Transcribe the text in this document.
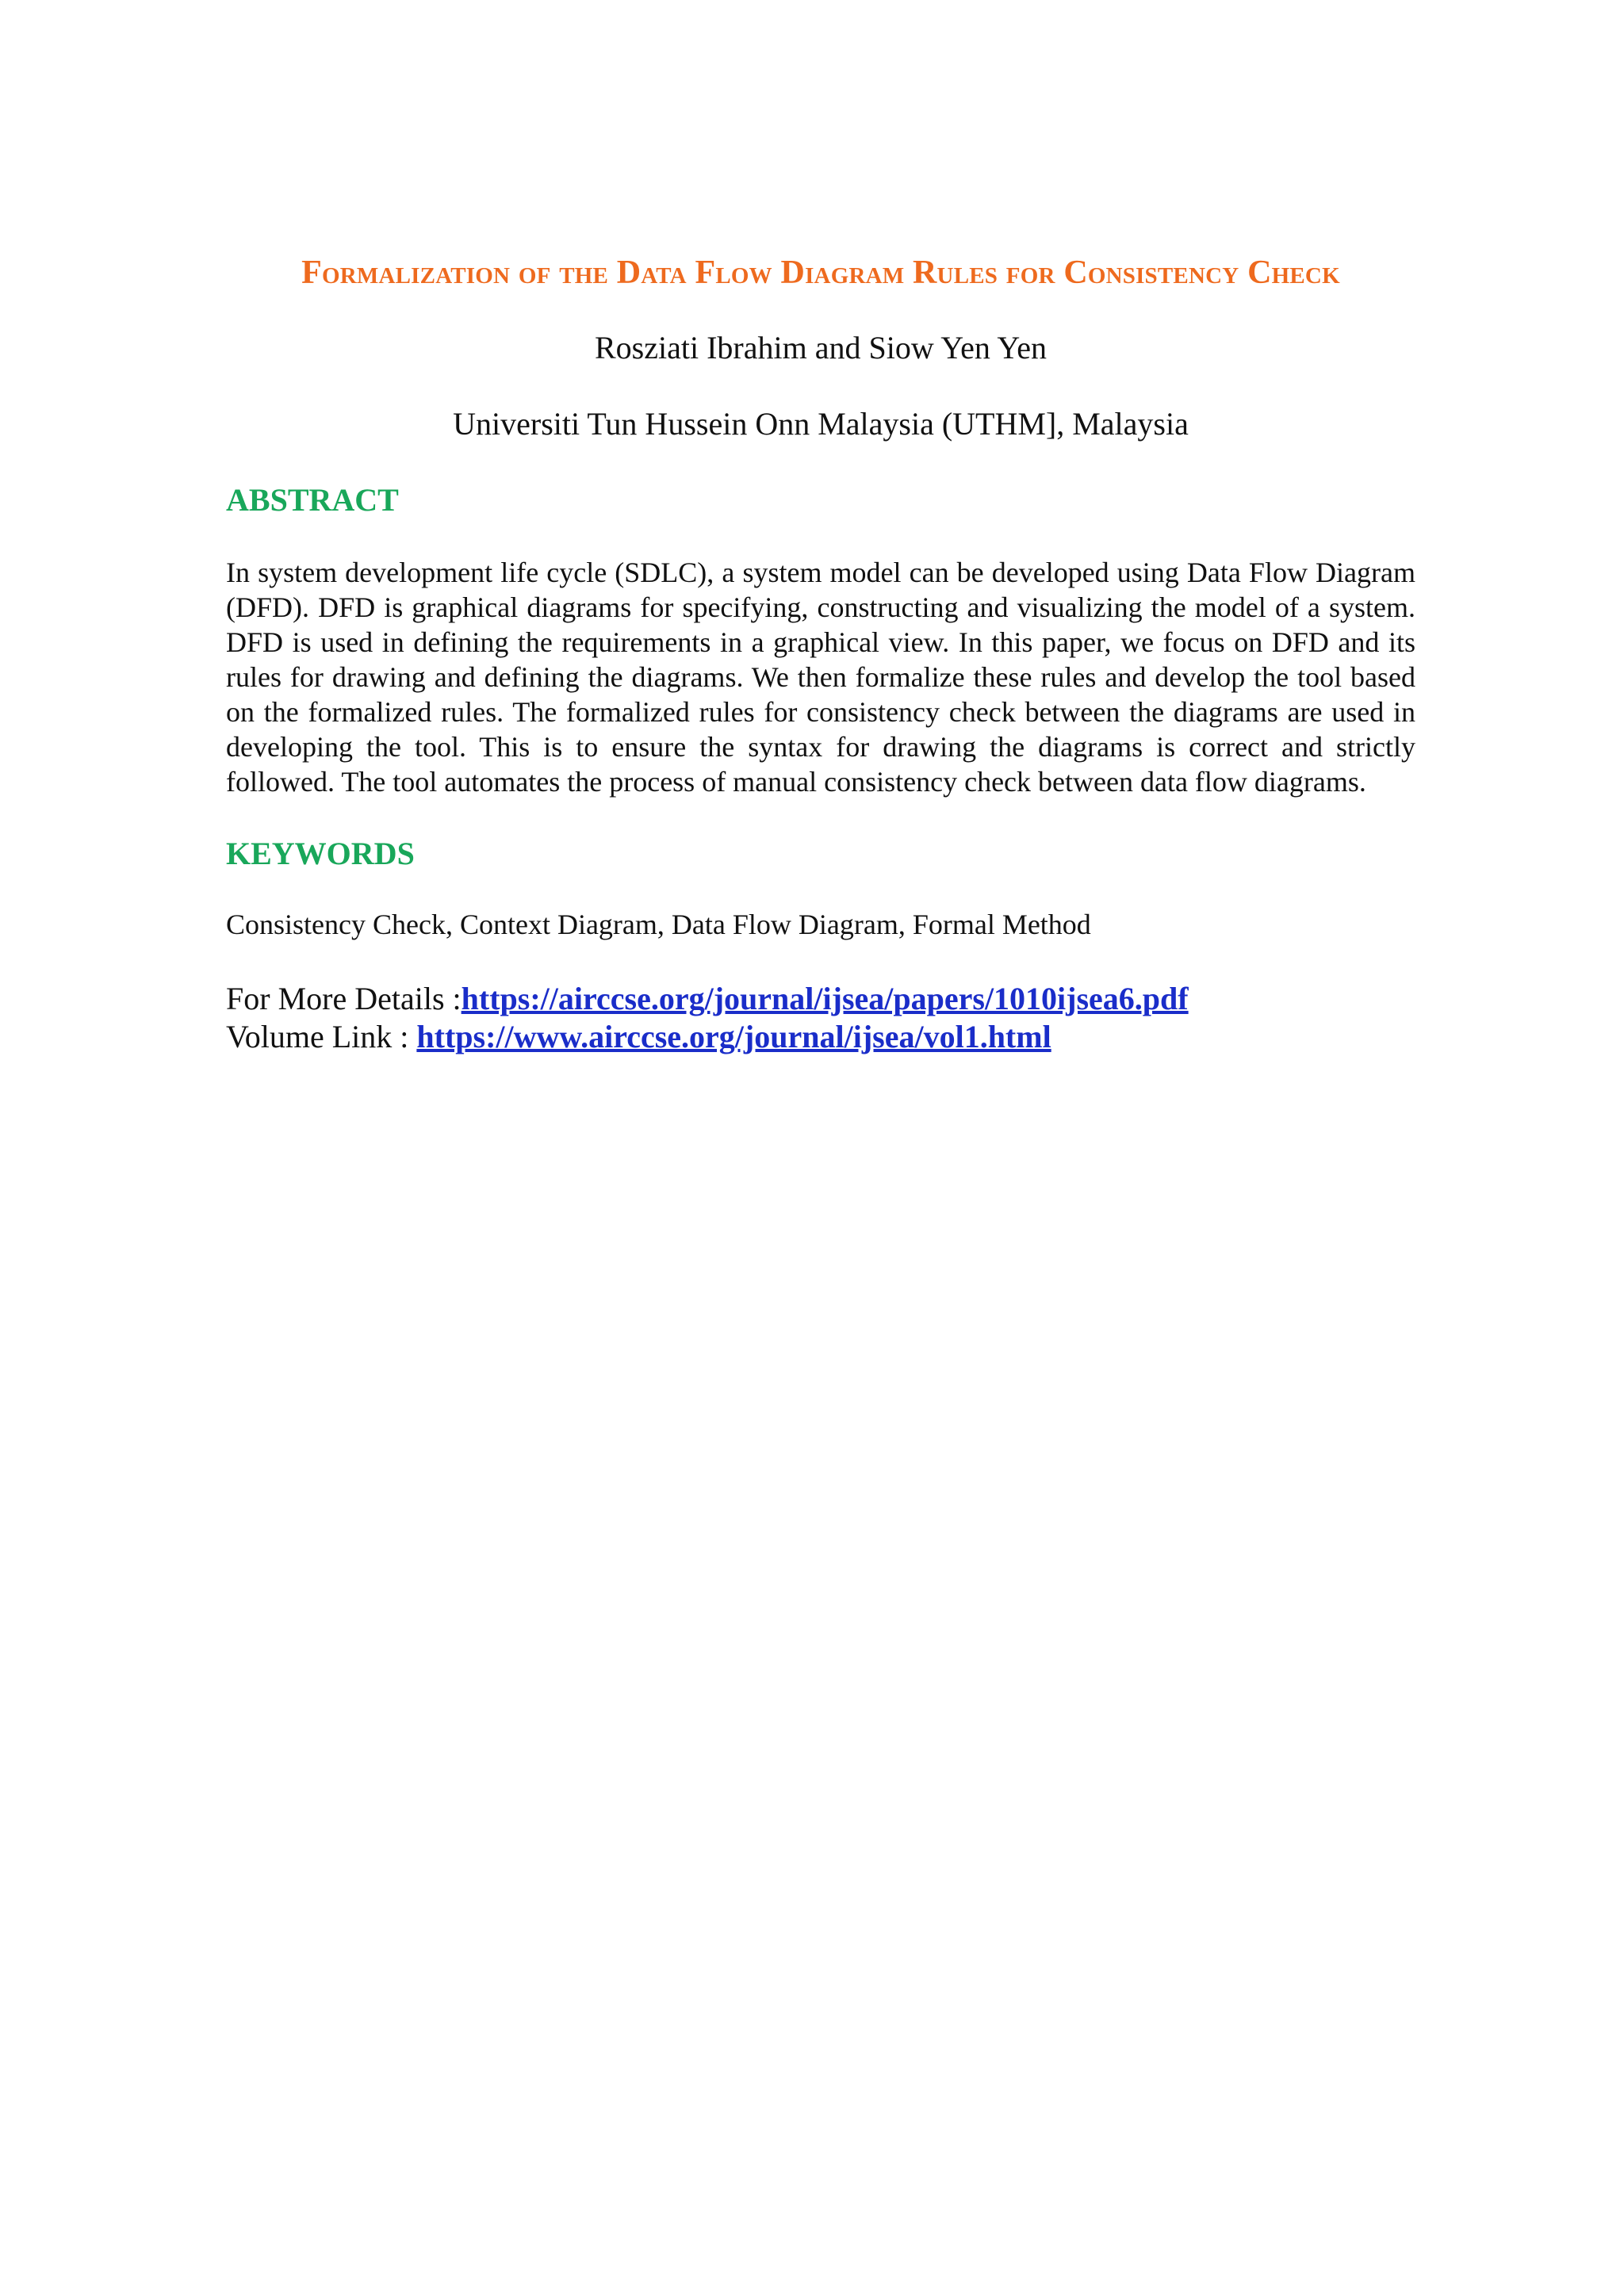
Formalization of the Data Flow Diagram Rules for Consistency Check
Rosziati Ibrahim and Siow Yen Yen
Universiti Tun Hussein Onn Malaysia (UTHM], Malaysia
ABSTRACT

In system development life cycle (SDLC), a system model can be developed using Data Flow Diagram (DFD). DFD is graphical diagrams for specifying, constructing and visualizing the model of a system. DFD is used in defining the requirements in a graphical view. In this paper, we focus on DFD and its rules for drawing and defining the diagrams. We then formalize these rules and develop the tool based on the formalized rules. The formalized rules for consistency check between the diagrams are used in developing the tool. This is to ensure the syntax for drawing the diagrams is correct and strictly followed. The tool automates the process of manual consistency check between data flow diagrams.

KEYWORDS

Consistency Check, Context Diagram, Data Flow Diagram, Formal Method

For More Details :https://airccse.org/journal/ijsea/papers/1010ijsea6.pdf
Volume Link : https://www.airccse.org/journal/ijsea/vol1.html
